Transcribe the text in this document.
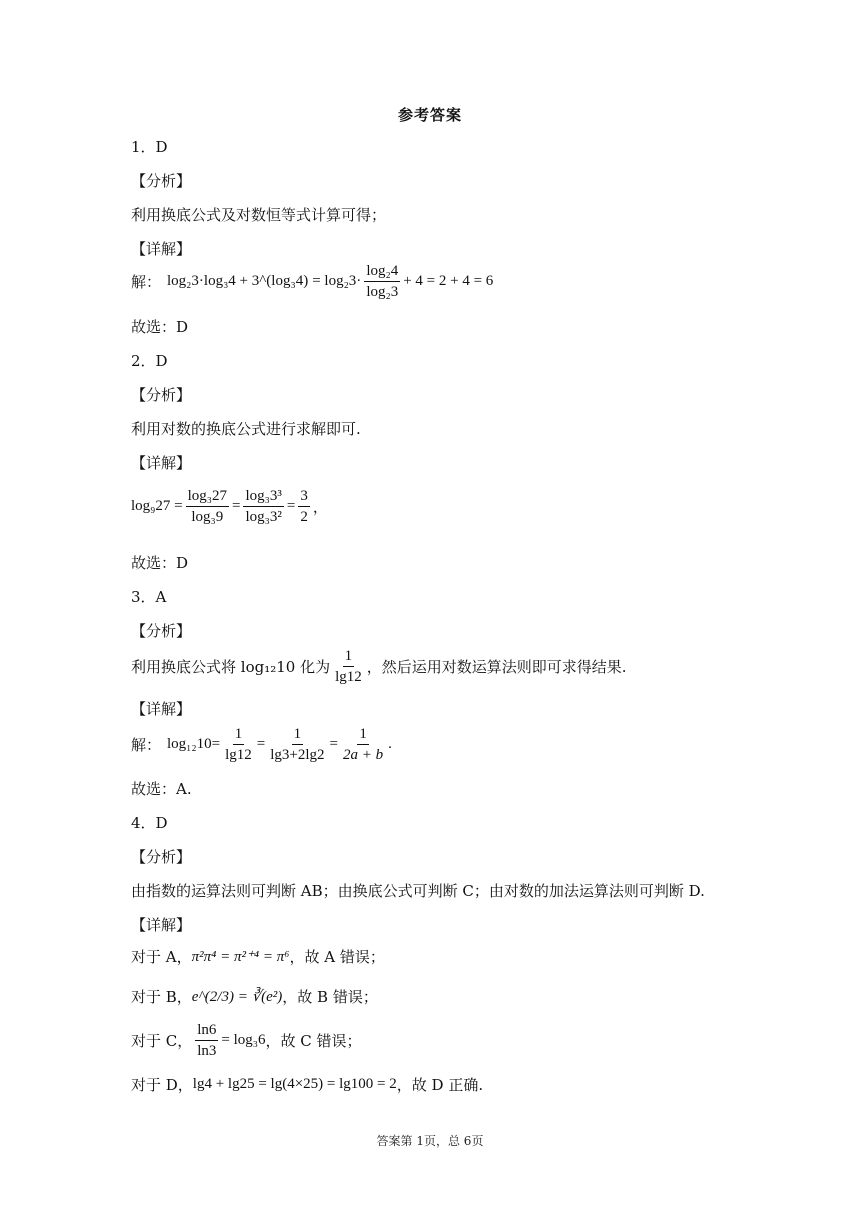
参考答案
1．D
【分析】
利用换底公式及对数恒等式计算可得；
【详解】
解： log₂3·log₃4 + 3^(log₃4) = $\log_23\cdot \frac{\text{log₂4}}{\text{log₂3}} + 4 = 2 + 4 = 6$
故选：D
2．D
【分析】
利用对数的换底公式进行求解即可.
【详解】
$\log_927 = \frac{\text{log₃27}}{\text{log₃9}} = \frac{\text{log₃3³}}{\text{log₃3²}} = \frac{3}{2}$ ，
故选：D
3．A
【分析】
利用换底公式将 log₁₂10 化为 $\frac{1}{\lg 12}$ ，然后运用对数运算法则即可求得结果.
【详解】
解： $\log_{12}10= \frac{1}{\lg 12} = \frac{1}{\lg 3+2\lg 2} = \frac{1}{2a + b}$ .
故选：A.
4．D
【分析】
由指数的运算法则可判断 AB；由换底公式可判断 C；由对数的加法运算法则可判断 D.
【详解】
对于 A， π²π⁴ = π²⁺⁴ = π⁶ ，故 A 错误；
对于 B， e^(2/3) = ∛(e²) ，故 B 错误；
对于 C， $\frac{\ln 6}{\ln 3} = \log_36$ ，故 C 错误；
对于 D， lg4 + lg25 = lg(4×25) = lg100 = 2 ，故 D 正确.
答案第 1页，总 6页
